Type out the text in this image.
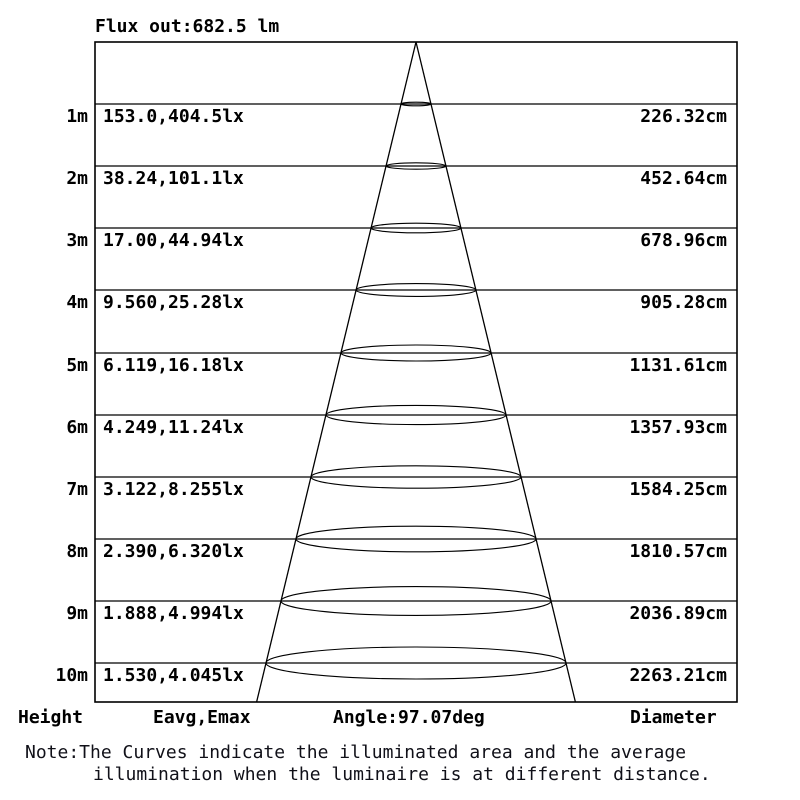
Flux out:682.5 lm
1m 153.0,404.5lx	226.32cm
2m 38.24,101.1lx	452.64cm
3m 17.00,44.94lx	678.96cm
4m 9.560,25.28lx	905.28cm
5m 6.119,16.18lx	1131.61cm
6m 4.249,11.24lx	1357.93cm
7m 3.122,8.255lx	1584.25cm
8m 2.390,6.320lx	1810.57cm
9m 1.888,4.994lx	2036.89cm
10m 1.530,4.045lx	2263.21cm
Height	Eavg,Emax	Angle:97.07deg	Diameter
Note:The Curves indicate the illuminated area and the average
illumination when the luminaire is at different distance.
